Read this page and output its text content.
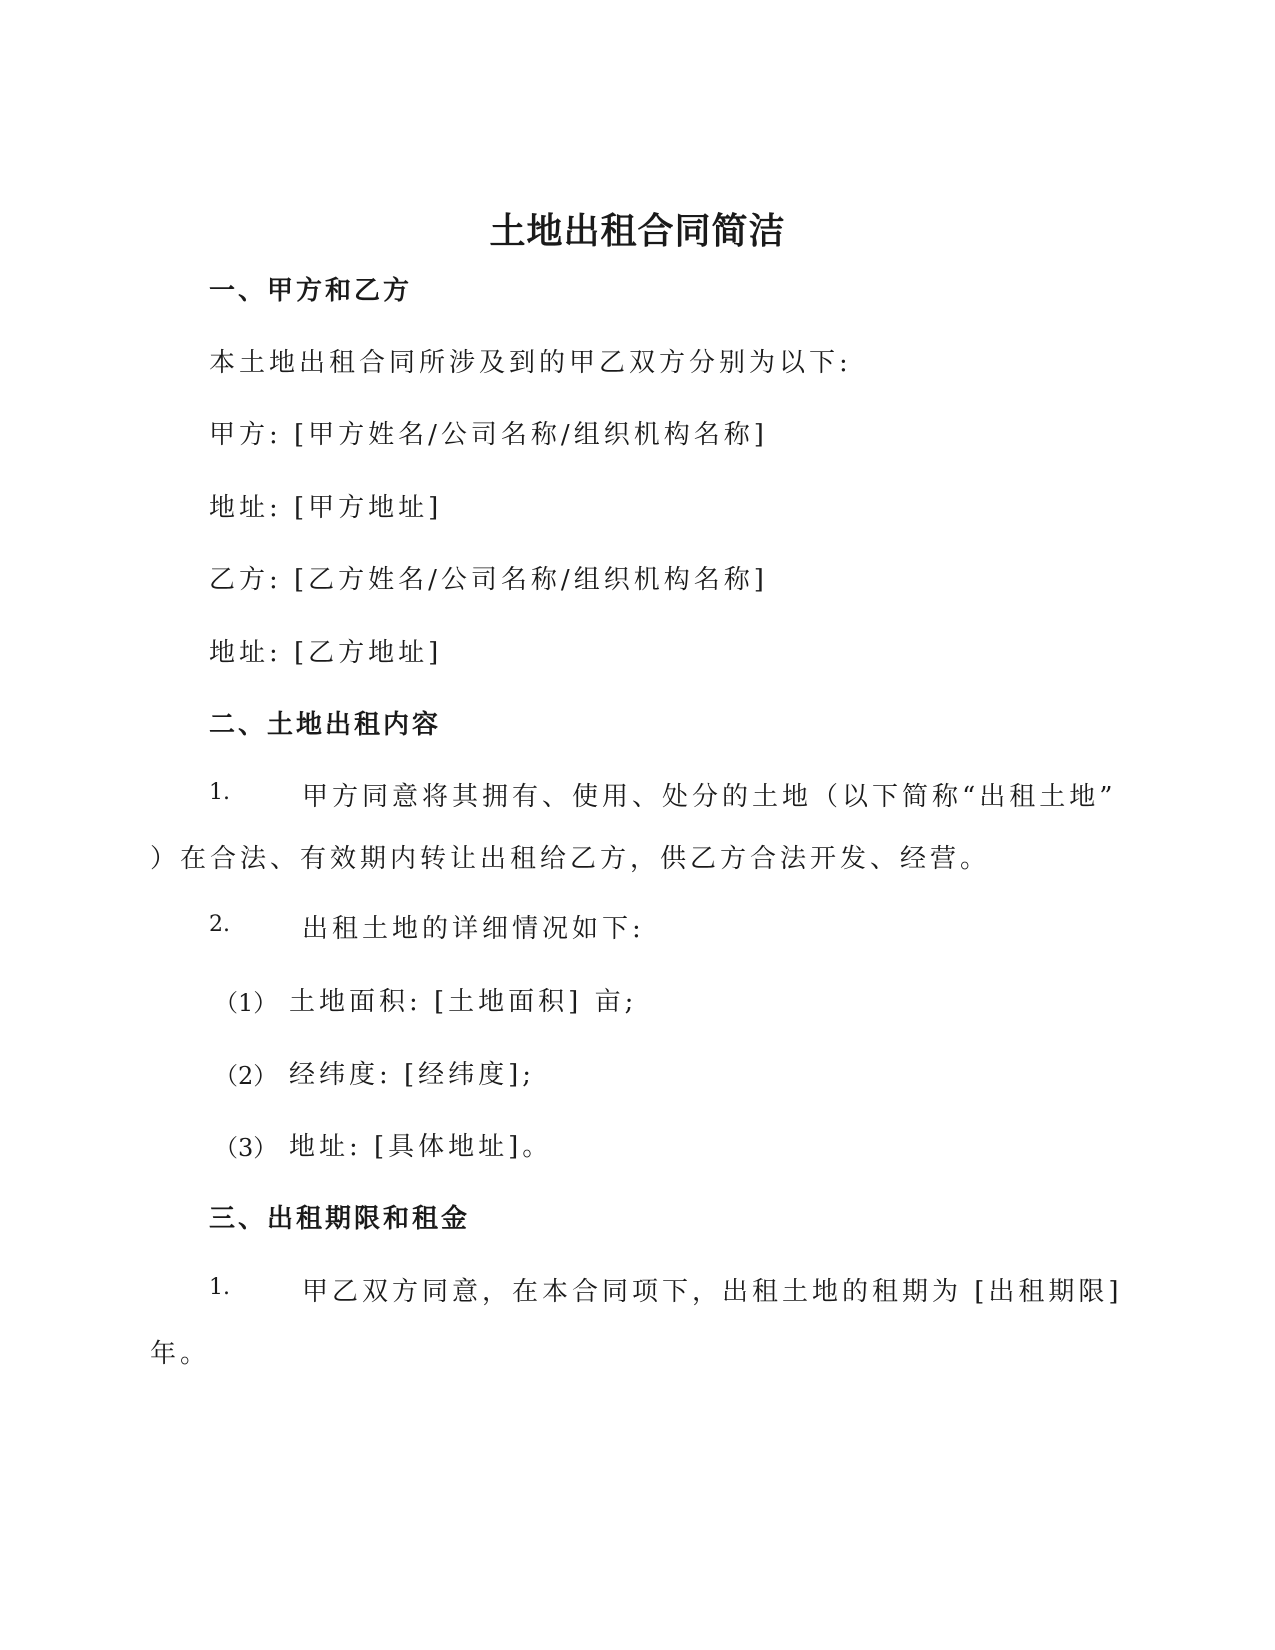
土地出租合同简洁
一、甲方和乙方
本土地出租合同所涉及到的甲乙双方分别为以下:
甲方: [甲方姓名/公司名称/组织机构名称]
地址: [甲方地址]
乙方: [乙方姓名/公司名称/组织机构名称]
地址: [乙方地址]
二、土地出租内容
1.	甲方同意将其拥有、使用、处分的土地（以下简称“出租土地”
）在合法、有效期内转让出租给乙方，供乙方合法开发、经营。
2.	出租土地的详细情况如下:
（1） 土地面积: [土地面积] 亩;
（2） 经纬度: [经纬度];
（3） 地址: [具体地址]。
三、出租期限和租金
1.	甲乙双方同意，在本合同项下，出租土地的租期为 [出租期限]
年。
